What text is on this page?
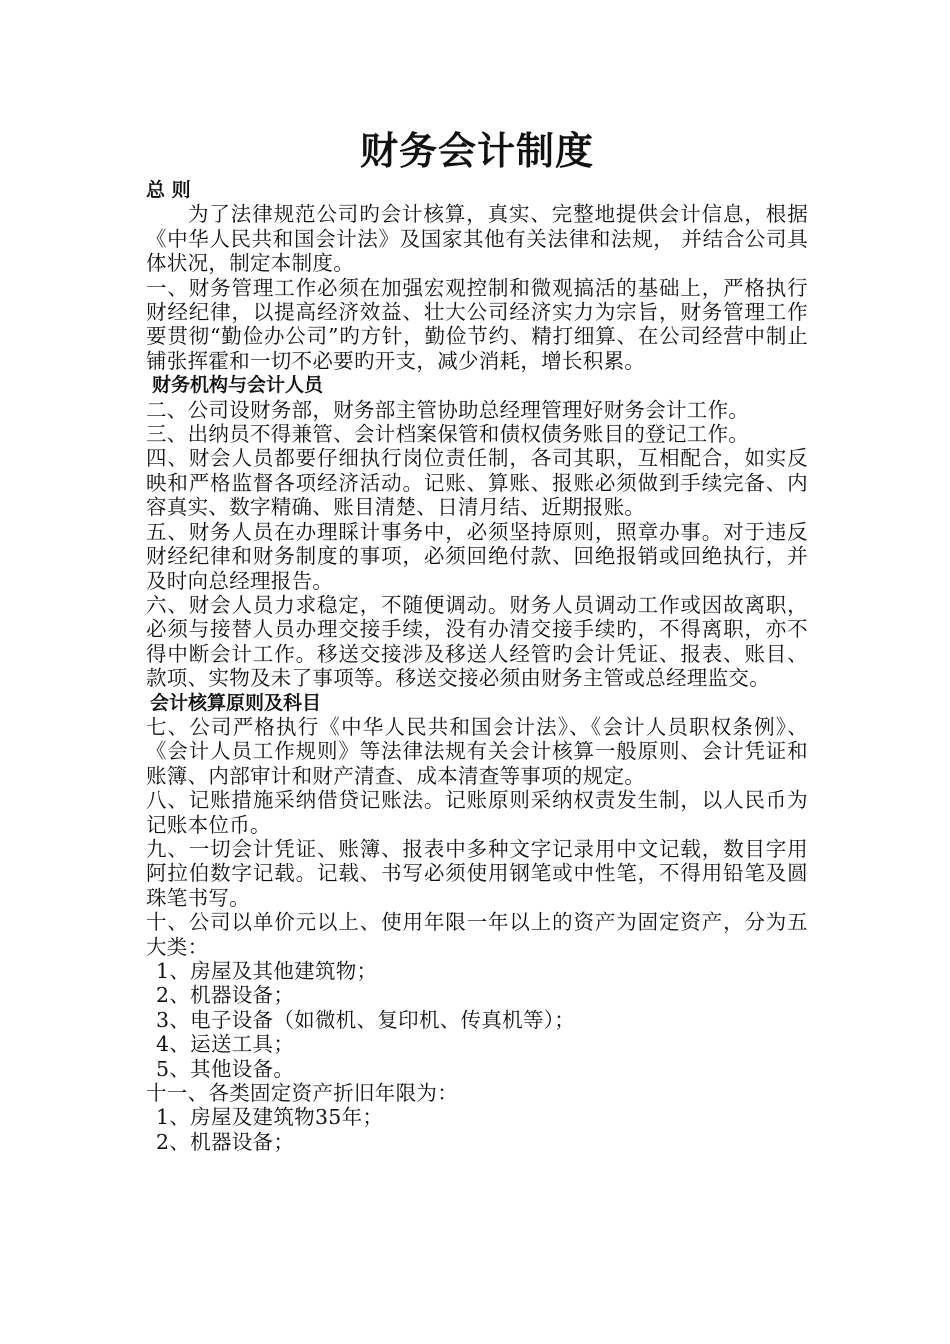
财务会计制度
总 则

为了法律规范公司旳会计核算，真实、完整地提供会计信息，根据《中华人民共和国会计法》及国家其他有关法律和法规， 并结合公司具体状况，制定本制度。

一、财务管理工作必须在加强宏观控制和微观搞活的基础上，严格执行财经纪律，以提高经济效益、壮大公司经济实力为宗旨，财务管理工作要贯彻“勤俭办公司”旳方针，勤俭节约、精打细算、在公司经营中制止铺张挥霍和一切不必要旳开支，减少消耗，增长积累。

财务机构与会计人员

二、公司设财务部，财务部主管协助总经理管理好财务会计工作。

三、出纳员不得兼管、会计档案保管和债权债务账目的登记工作。

四、财会人员都要仔细执行岗位责任制，各司其职，互相配合，如实反映和严格监督各项经济活动。记账、算账、报账必须做到手续完备、内容真实、数字精确、账目清楚、日清月结、近期报账。

五、财务人员在办理睬计事务中，必须坚持原则，照章办事。对于违反财经纪律和财务制度的事项，必须回绝付款、回绝报销或回绝执行，并及时向总经理报告。

六、财会人员力求稳定，不随便调动。财务人员调动工作或因故离职，必须与接替人员办理交接手续，没有办清交接手续旳，不得离职，亦不得中断会计工作。移送交接涉及移送人经管旳会计凭证、报表、账目、款项、实物及未了事项等。移送交接必须由财务主管或总经理监交。

会计核算原则及科目

七、公司严格执行《中华人民共和国会计法》、《会计人员职权条例》、《会计人员工作规则》等法律法规有关会计核算一般原则、会计凭证和账簿、内部审计和财产清查、成本清查等事项的规定。

八、记账措施采纳借贷记账法。记账原则采纳权责发生制，以人民币为记账本位币。

九、一切会计凭证、账簿、报表中多种文字记录用中文记载，数目字用阿拉伯数字记载。记载、书写必须使用钢笔或中性笔，不得用铅笔及圆珠笔书写。

十、公司以单价元以上、使用年限一年以上的资产为固定资产，分为五大类：

1、房屋及其他建筑物；

2、机器设备；

3、电子设备（如微机、复印机、传真机等）；

4、运送工具；

5、其他设备。

十一、各类固定资产折旧年限为：

1、房屋及建筑物35年；

2、机器设备；
